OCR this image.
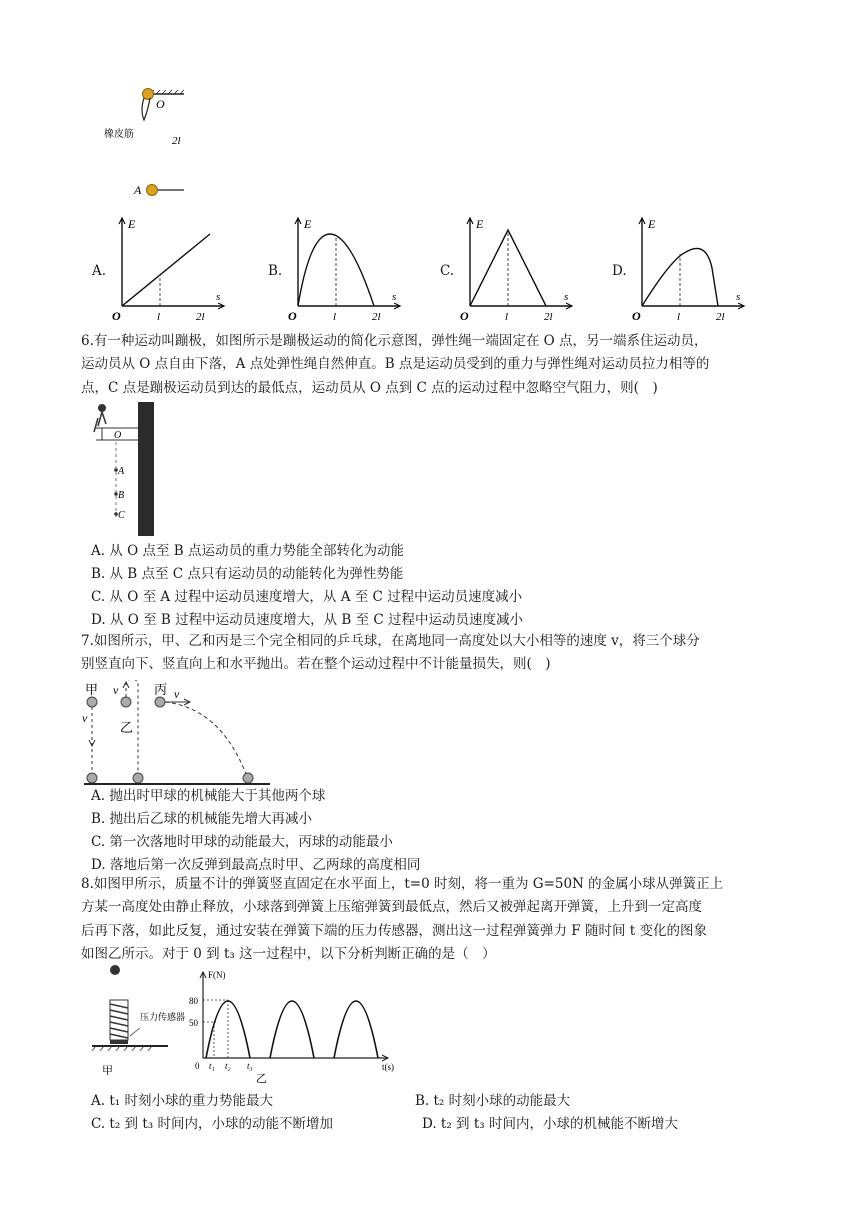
O
橡皮筋
2l
A
A.
E
s
O	l	2l
B.
E
s
O	l	2l
C.
E
s
O	l	2l
D.
E
s
O	l	2l
6.有一种运动叫蹦极，如图所示是蹦极运动的简化示意图，弹性绳一端固定在 O 点，另一端系住运动员，
运动员从 O 点自由下落，A 点处弹性绳自然伸直。B 点是运动员受到的重力与弹性绳对运动员拉力相等的
点，C 点是蹦极运动员到达的最低点，运动员从 O 点到 C 点的运动过程中忽略空气阻力，则(　)
O
A
B
C
A. 从 O 点至 B 点运动员的重力势能全部转化为动能
B. 从 B 点至 C 点只有运动员的动能转化为弹性势能
C. 从 O 至 A 过程中运动员速度增大，从 A 至 C 过程中运动员速度减小
D. 从 O 至 B 过程中运动员速度增大，从 B 至 C 过程中运动员速度减小
7.如图所示，甲、乙和丙是三个完全相同的乒乓球，在离地同一高度处以大小相等的速度 v，将三个球分
别竖直向下、竖直向上和水平抛出。若在整个运动过程中不计能量损失，则(　)
甲
v
v
乙
丙 v
A. 抛出时甲球的机械能大于其他两个球
B. 抛出后乙球的机械能先增大再减小
C. 第一次落地时甲球的动能最大，丙球的动能最小
D. 落地后第一次反弹到最高点时甲、乙两球的高度相同
8.如图甲所示，质量不计的弹簧竖直固定在水平面上，t=0 时刻，将一重为 G=50N 的金属小球从弹簧正上
方某一高度处由静止释放，小球落到弹簧上压缩弹簧到最低点，然后又被弹起离开弹簧，上升到一定高度
后再下落，如此反复，通过安装在弹簧下端的压力传感器，测出这一过程弹簧弹力 F 随时间 t 变化的图象
如图乙所示。对于 0 到 t₃ 这一过程中，以下分析判断正确的是（　）
压力传感器
甲
F(N)
t(s)
80
50
0 t₁ t₂ t₃
乙
A. t₁ 时刻小球的重力势能最大	B. t₂ 时刻小球的动能最大
C. t₂ 到 t₃ 时间内，小球的动能不断增加	D. t₂ 到 t₃ 时间内，小球的机械能不断增大
